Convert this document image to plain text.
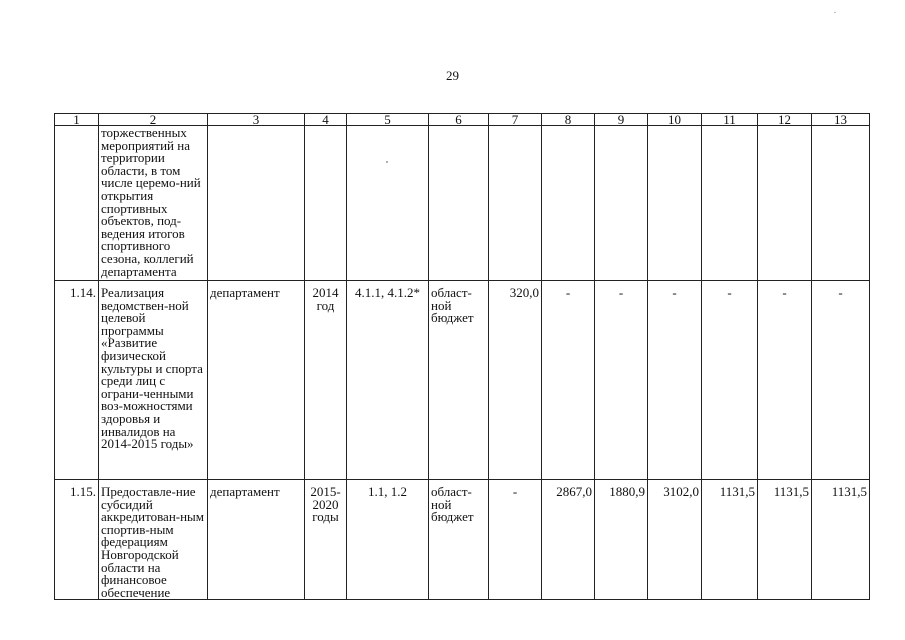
29
1	2	3	4	5	6	7	8	9	10	11	12	13
	торжественных мероприятий на территории области, в том числе церемо-ний открытия спортивных объектов, под-ведения итогов спортивного сезона, коллегий департамента											
1.14.	Реализация ведомствен-ной целевой программы «Развитие физической культуры и спорта среди лиц с ограни-ченными воз-можностями здоровья и инвалидов на 2014-2015 годы»	департамент	2014 год	4.1.1, 4.1.2*	област-ной бюджет	320,0	-	-	-	-	-	-
1.15.	Предоставле-ние субсидий аккредитован-ным спортив-ным федерациям Новгородской области на финансовое обеспечение	департамент	2015-2020 годы	1.1, 1.2	област-ной бюджет	-	2867,0	1880,9	3102,0	1131,5	1131,5	1131,5
